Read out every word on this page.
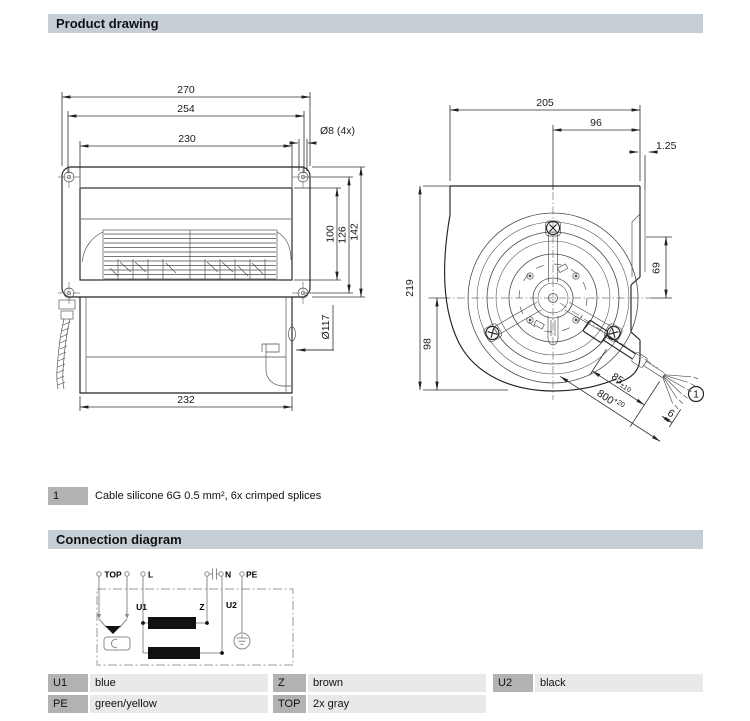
Product drawing
270
254
230
Ø8 (4x)
100 126 142
Ø117
232
205
96
1.25
219
98
69
85±10
$800^{+20}$
6
1
1	Cable silicone 6G 0.5 mm², 6x crimped splices
Connection diagram
TOP	L	N PE
U1	Z	U2
U1	blue	Z	brown	U2	black
PE	green/yellow	TOP	2x gray
